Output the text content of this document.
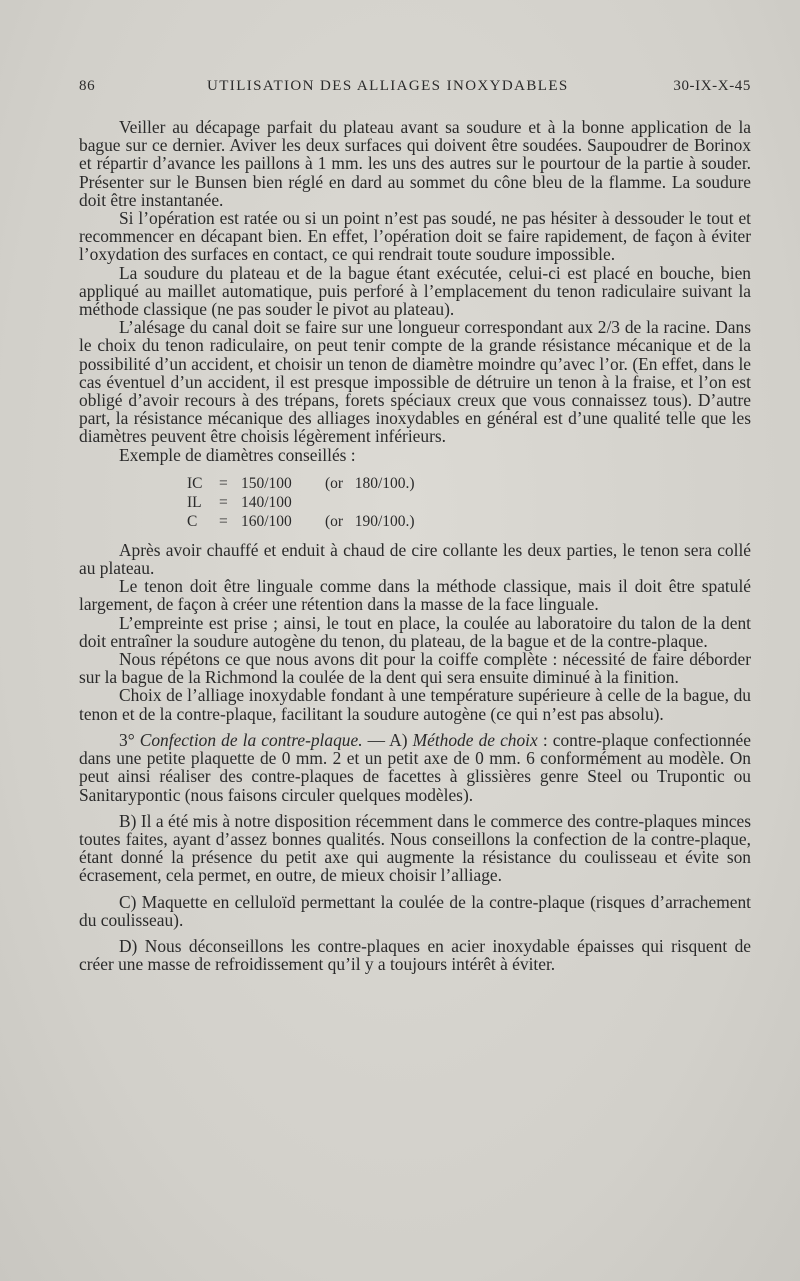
86	UTILISATION DES ALLIAGES INOXYDABLES	30-IX-X-45

Veiller au décapage parfait du plateau avant sa soudure et à la bonne application de la bague sur ce dernier. Aviver les deux surfaces qui doivent être soudées. Saupoudrer de Borinox et répartir d’avance les paillons à 1 mm. les uns des autres sur le pourtour de la partie à souder. Présenter sur le Bunsen bien réglé en dard au sommet du cône bleu de la flamme. La soudure doit être instantanée.

Si l’opération est ratée ou si un point n’est pas soudé, ne pas hésiter à dessouder le tout et recommencer en décapant bien. En effet, l’opération doit se faire rapidement, de façon à éviter l’oxydation des surfaces en contact, ce qui rendrait toute soudure impossible.

La soudure du plateau et de la bague étant exécutée, celui-ci est placé en bouche, bien appliqué au maillet automatique, puis perforé à l’emplacement du tenon radiculaire suivant la méthode classique (ne pas souder le pivot au plateau).

L’alésage du canal doit se faire sur une longueur correspondant aux 2/3 de la racine. Dans le choix du tenon radiculaire, on peut tenir compte de la grande résistance mécanique et de la possibilité d’un accident, et choisir un tenon de diamètre moindre qu’avec l’or. (En effet, dans le cas éventuel d’un accident, il est presque impossible de détruire un tenon à la fraise, et l’on est obligé d’avoir recours à des trépans, forets spéciaux creux que vous connaissez tous). D’autre part, la résistance mécanique des alliages inoxydables en général est d’une qualité telle que les diamètres peuvent être choisis légèrement inférieurs.

Exemple de diamètres conseillés :

IC = 150/100 (or   180/100.)
IL = 140/100
C = 160/100 (or   190/100.)

Après avoir chauffé et enduit à chaud de cire collante les deux parties, le tenon sera collé au plateau.

Le tenon doit être linguale comme dans la méthode classique, mais il doit être spatulé largement, de façon à créer une rétention dans la masse de la face linguale.

L’empreinte est prise ; ainsi, le tout en place, la coulée au laboratoire du talon de la dent doit entraîner la soudure autogène du tenon, du plateau, de la bague et de la contre-plaque.

Nous répétons ce que nous avons dit pour la coiffe complète : nécessité de faire déborder sur la bague de la Richmond la coulée de la dent qui sera ensuite diminué à la finition.

Choix de l’alliage inoxydable fondant à une température supérieure à celle de la bague, du tenon et de la contre-plaque, facilitant la soudure autogène (ce qui n’est pas absolu).

3° Confection de la contre-plaque. — A) Méthode de choix : contre-plaque confectionnée dans une petite plaquette de 0 mm. 2 et un petit axe de 0 mm. 6 conformément au modèle. On peut ainsi réaliser des contre-plaques de facettes à glissières genre Steel ou Trupontic ou Sanitarypontic (nous faisons circuler quelques modèles).

B) Il a été mis à notre disposition récemment dans le commerce des contre-plaques minces toutes faites, ayant d’assez bonnes qualités. Nous conseillons la confection de la contre-plaque, étant donné la présence du petit axe qui augmente la résistance du coulisseau et évite son écrasement, cela permet, en outre, de mieux choisir l’alliage.

C) Maquette en celluloïd permettant la coulée de la contre-plaque (risques d’arrachement du coulisseau).

D) Nous déconseillons les contre-plaques en acier inoxydable épaisses qui risquent de créer une masse de refroidissement qu’il y a toujours intérêt à éviter.
